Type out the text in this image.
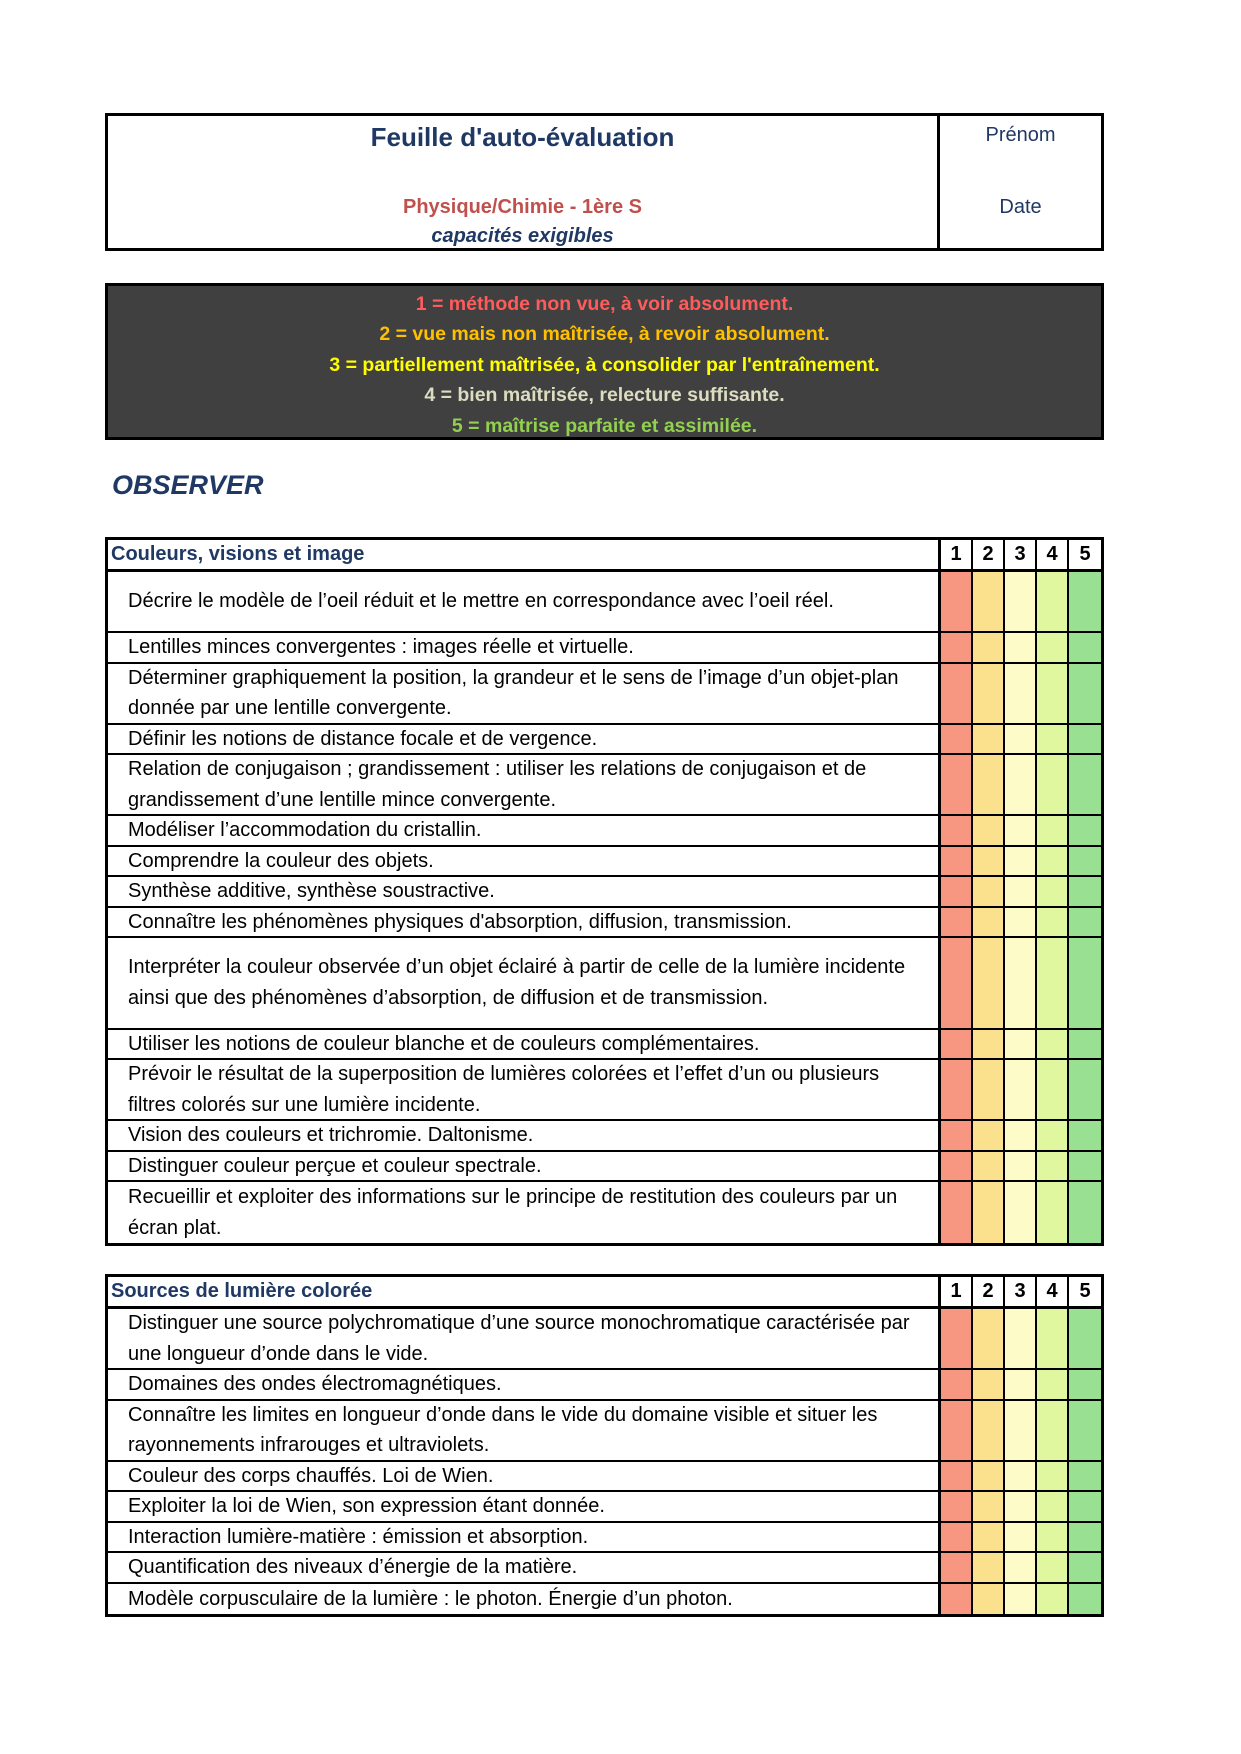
Feuille d'auto-évaluation
Physique/Chimie - 1ère S
capacités exigibles
Prénom
Date
1 = méthode non vue, à voir absolument.
2 = vue mais non maîtrisée, à revoir absolument.
3 = partiellement maîtrisée, à consolider par l'entraînement.
4 = bien maîtrisée, relecture suffisante.
5 = maîtrise parfaite et assimilée.
OBSERVER
Couleurs, visions et image	1	2	3	4	5
Décrire le modèle de l’oeil réduit et le mettre en correspondance avec l’oeil réel.
Lentilles minces convergentes : images réelle et virtuelle.
Déterminer graphiquement la position, la grandeur et le sens de l’image d’un objet-plan donnée par une lentille convergente.
Définir les notions de distance focale et de vergence.
Relation de conjugaison ; grandissement : utiliser les relations de conjugaison et de grandissement d’une lentille mince convergente.
Modéliser l’accommodation du cristallin.
Comprendre la couleur des objets.
Synthèse additive, synthèse soustractive.
Connaître les phénomènes physiques d'absorption, diffusion, transmission.
Interpréter la couleur observée d’un objet éclairé à partir de celle de la lumière incidente ainsi que des phénomènes d’absorption, de diffusion et de transmission.
Utiliser les notions de couleur blanche et de couleurs complémentaires.
Prévoir le résultat de la superposition de lumières colorées et l’effet d’un ou plusieurs filtres colorés sur une lumière incidente.
Vision des couleurs et trichromie. Daltonisme.
Distinguer couleur perçue et couleur spectrale.
Recueillir et exploiter des informations sur le principe de restitution des couleurs par un écran plat.
Sources de lumière colorée	1	2	3	4	5
Distinguer une source polychromatique d’une source monochromatique caractérisée par une longueur d’onde dans le vide.
Domaines des ondes électromagnétiques.
Connaître les limites en longueur d’onde dans le vide du domaine visible et situer les rayonnements infrarouges et ultraviolets.
Couleur des corps chauffés. Loi de Wien.
Exploiter la loi de Wien, son expression étant donnée.
Interaction lumière-matière : émission et absorption.
Quantification des niveaux d’énergie de la matière.
Modèle corpusculaire de la lumière : le photon. Énergie d’un photon.
